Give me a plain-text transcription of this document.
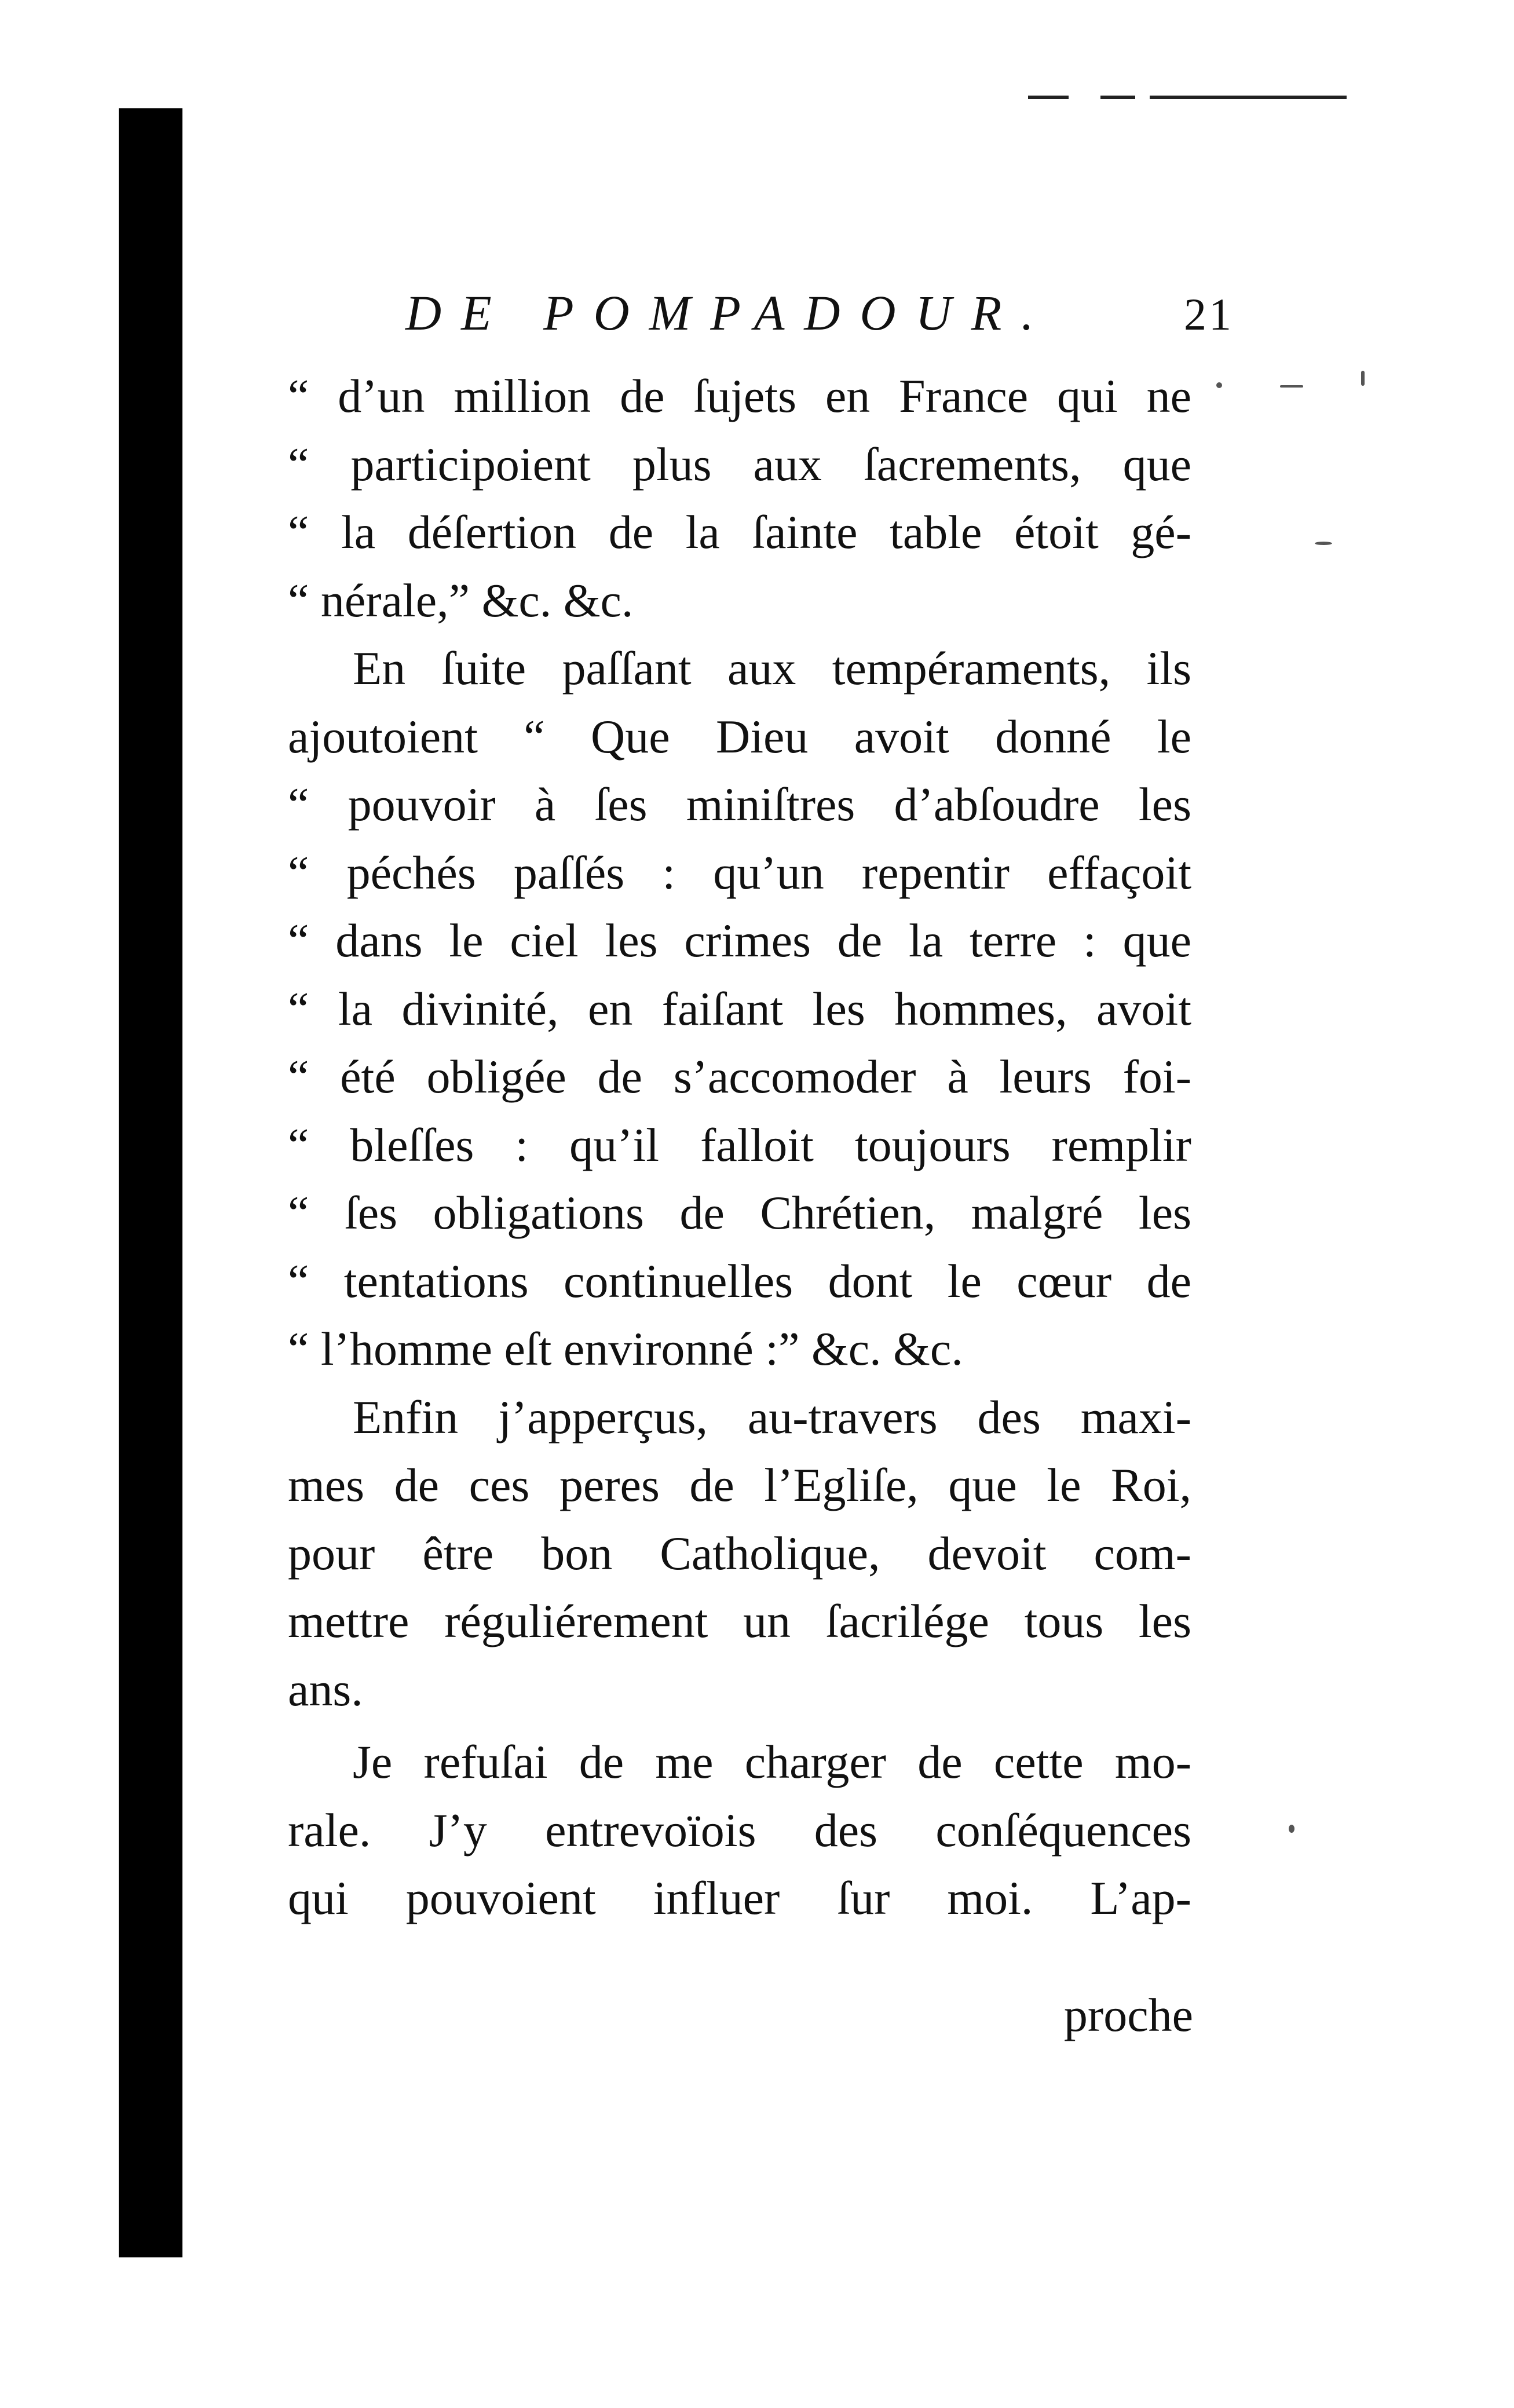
DE POMPADOUR.	21
“ d’un million de ſujets en France qui ne
“ participoient plus aux ſacrements, que
“ la déſertion de la ſainte table étoit gé-
“ nérale,” &c. &c.
En ſuite paſſant aux tempéraments, ils
ajoutoient “ Que Dieu avoit donné le
“ pouvoir à ſes miniſtres d’abſoudre les
“ péchés paſſés : qu’un repentir effaçoit
“ dans le ciel les crimes de la terre : que
“ la divinité, en faiſant les hommes, avoit
“ été obligée de s’accomoder à leurs foi-
“ bleſſes : qu’il falloit toujours remplir
“ ſes obligations de Chrétien, malgré les
“ tentations continuelles dont le cœur de
“ l’homme eſt environné :” &c. &c.
Enfin j’apperçus, au-travers des maxi-
mes de ces peres de l’Egliſe, que le Roi,
pour être bon Catholique, devoit com-
mettre réguliérement un ſacrilége tous les
ans.
Je refuſai de me charger de cette mo-
rale. J’y entrevoïois des conſéquences
qui pouvoient influer ſur moi. L’ap-
proche
